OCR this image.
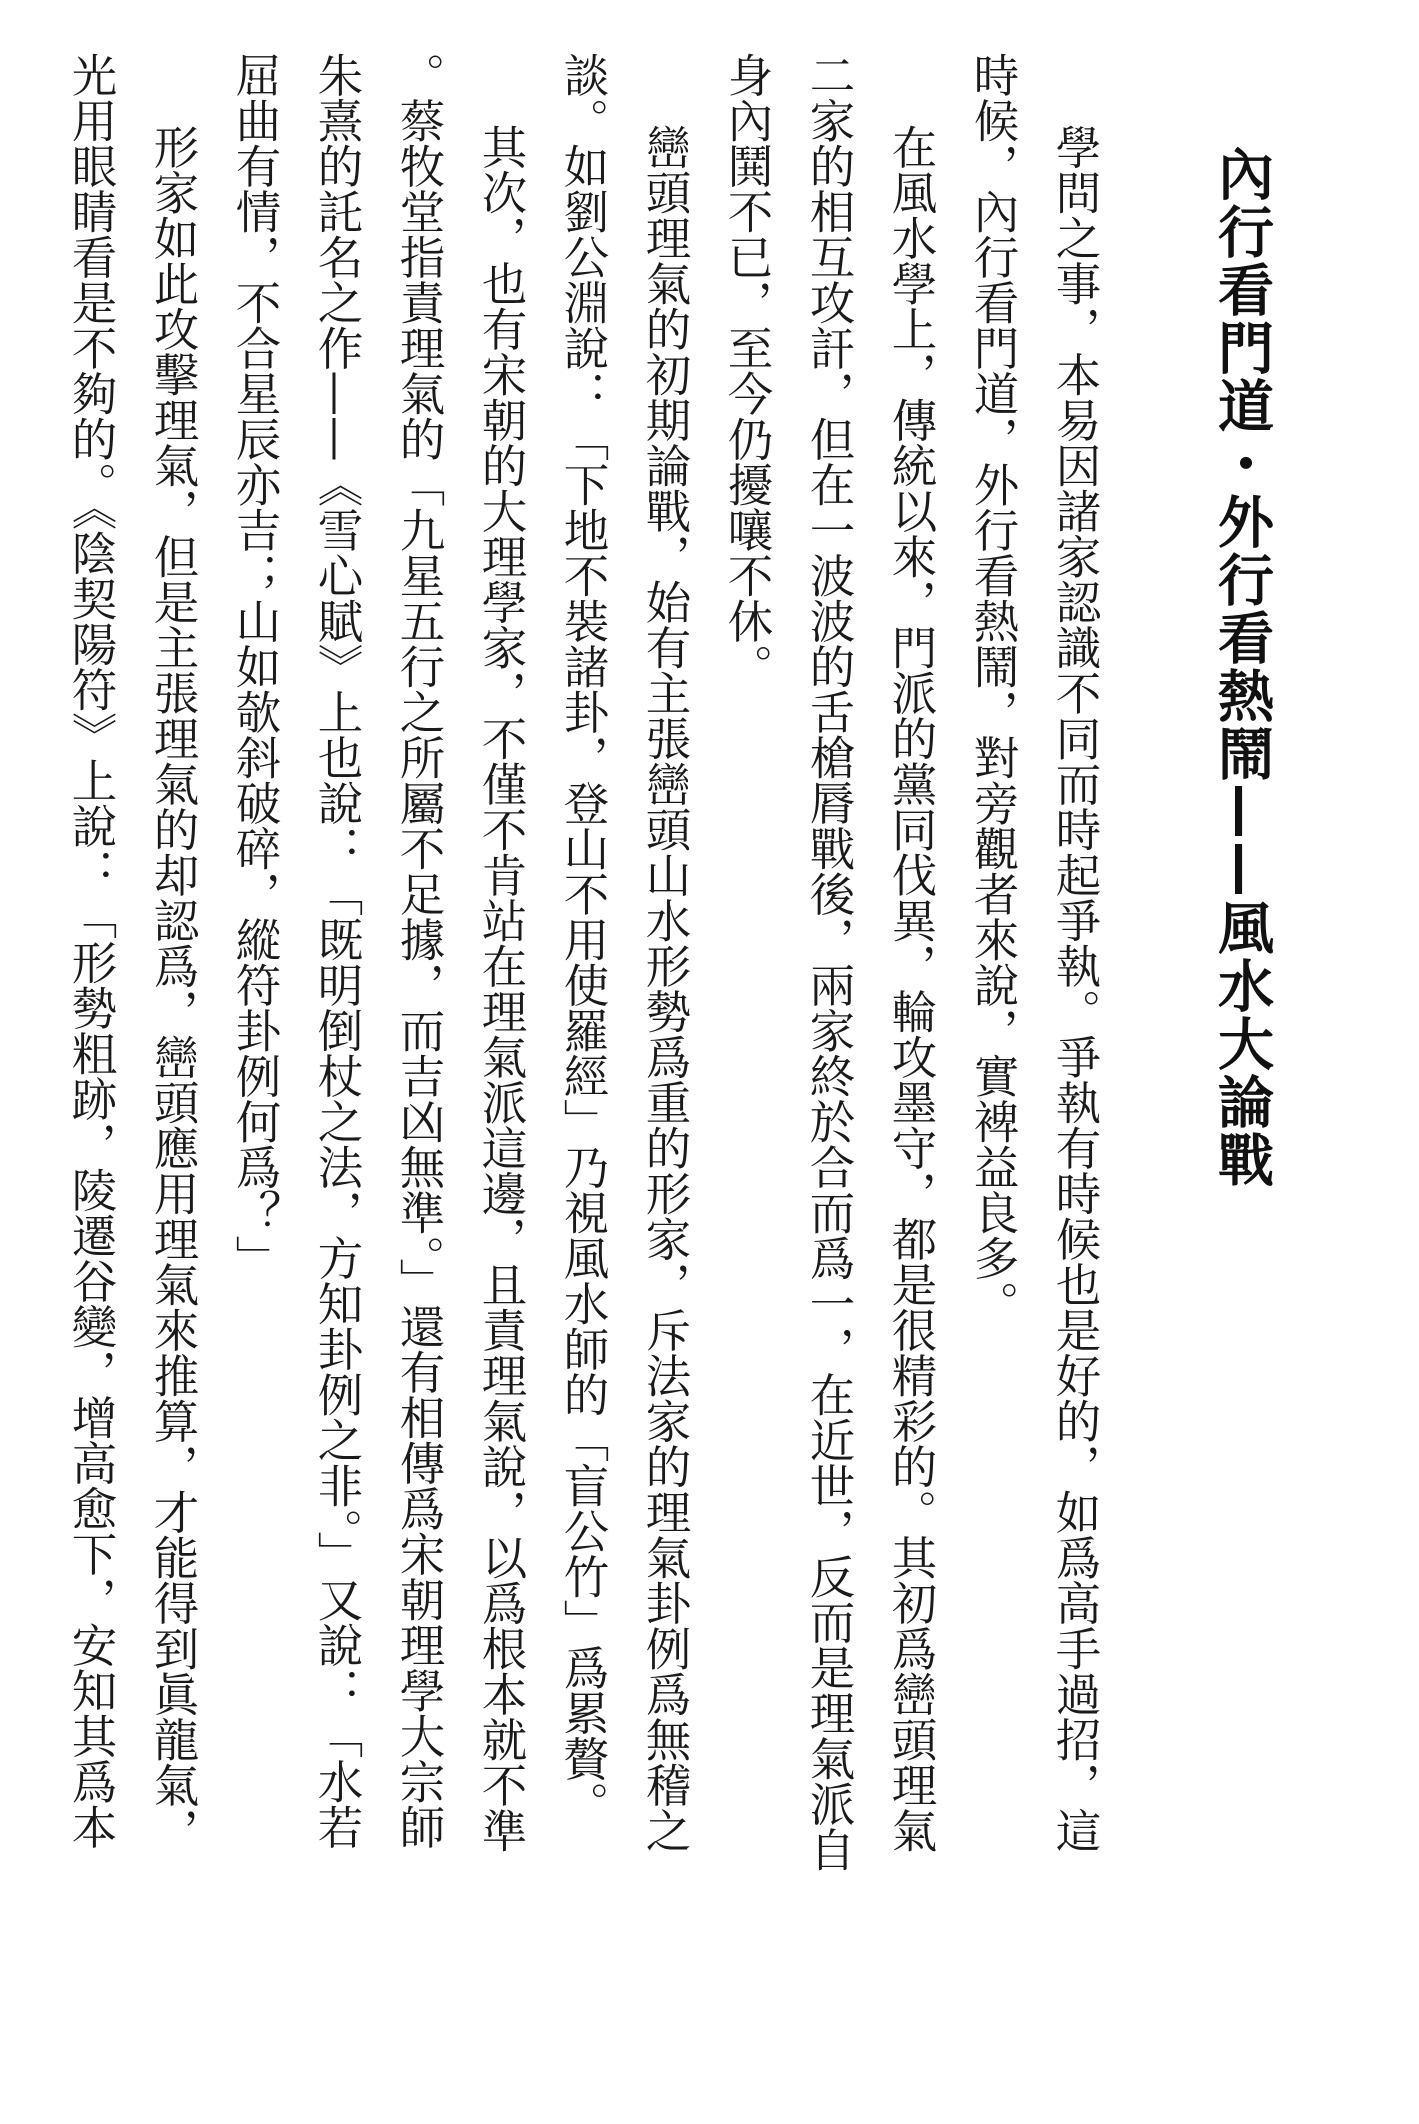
內行看門道・外行看熱鬧——風水大論戰
學問之事，本易因諸家認識不同而時起爭執。爭執有時候也是好的，如爲高手過招，這
時候，內行看門道，外行看熱鬧，對旁觀者來說，實裨益良多。
在風水學上，傳統以來，門派的黨同伐異，輪攻墨守，都是很精彩的。其初爲巒頭理氣
二家的相互攻訐，但在一波波的舌槍脣戰後，兩家終於合而爲一，在近世，反而是理氣派自
身內鬨不已，至今仍擾嚷不休。
巒頭理氣的初期論戰，始有主張巒頭山水形勢爲重的形家，斥法家的理氣卦例爲無稽之
談。如劉公淵說：「下地不裝諸卦，登山不用使羅經」乃視風水師的「盲公竹」爲累贅。
其次，也有宋朝的大理學家，不僅不肯站在理氣派這邊，且責理氣說，以爲根本就不準
。蔡牧堂指責理氣的「九星五行之所屬不足據，而吉凶無準。」還有相傳爲宋朝理學大宗師
朱熹的託名之作——《雪心賦》上也說：「既明倒杖之法，方知卦例之非。」又說：「水若
屈曲有情，不合星辰亦吉；山如欹斜破碎，縱符卦例何爲？」
形家如此攻擊理氣，但是主張理氣的却認爲，巒頭應用理氣來推算，才能得到眞龍氣，
光用眼睛看是不夠的。《陰契陽符》上說：「形勢粗跡，陵遷谷變，增高愈下，安知其爲本
